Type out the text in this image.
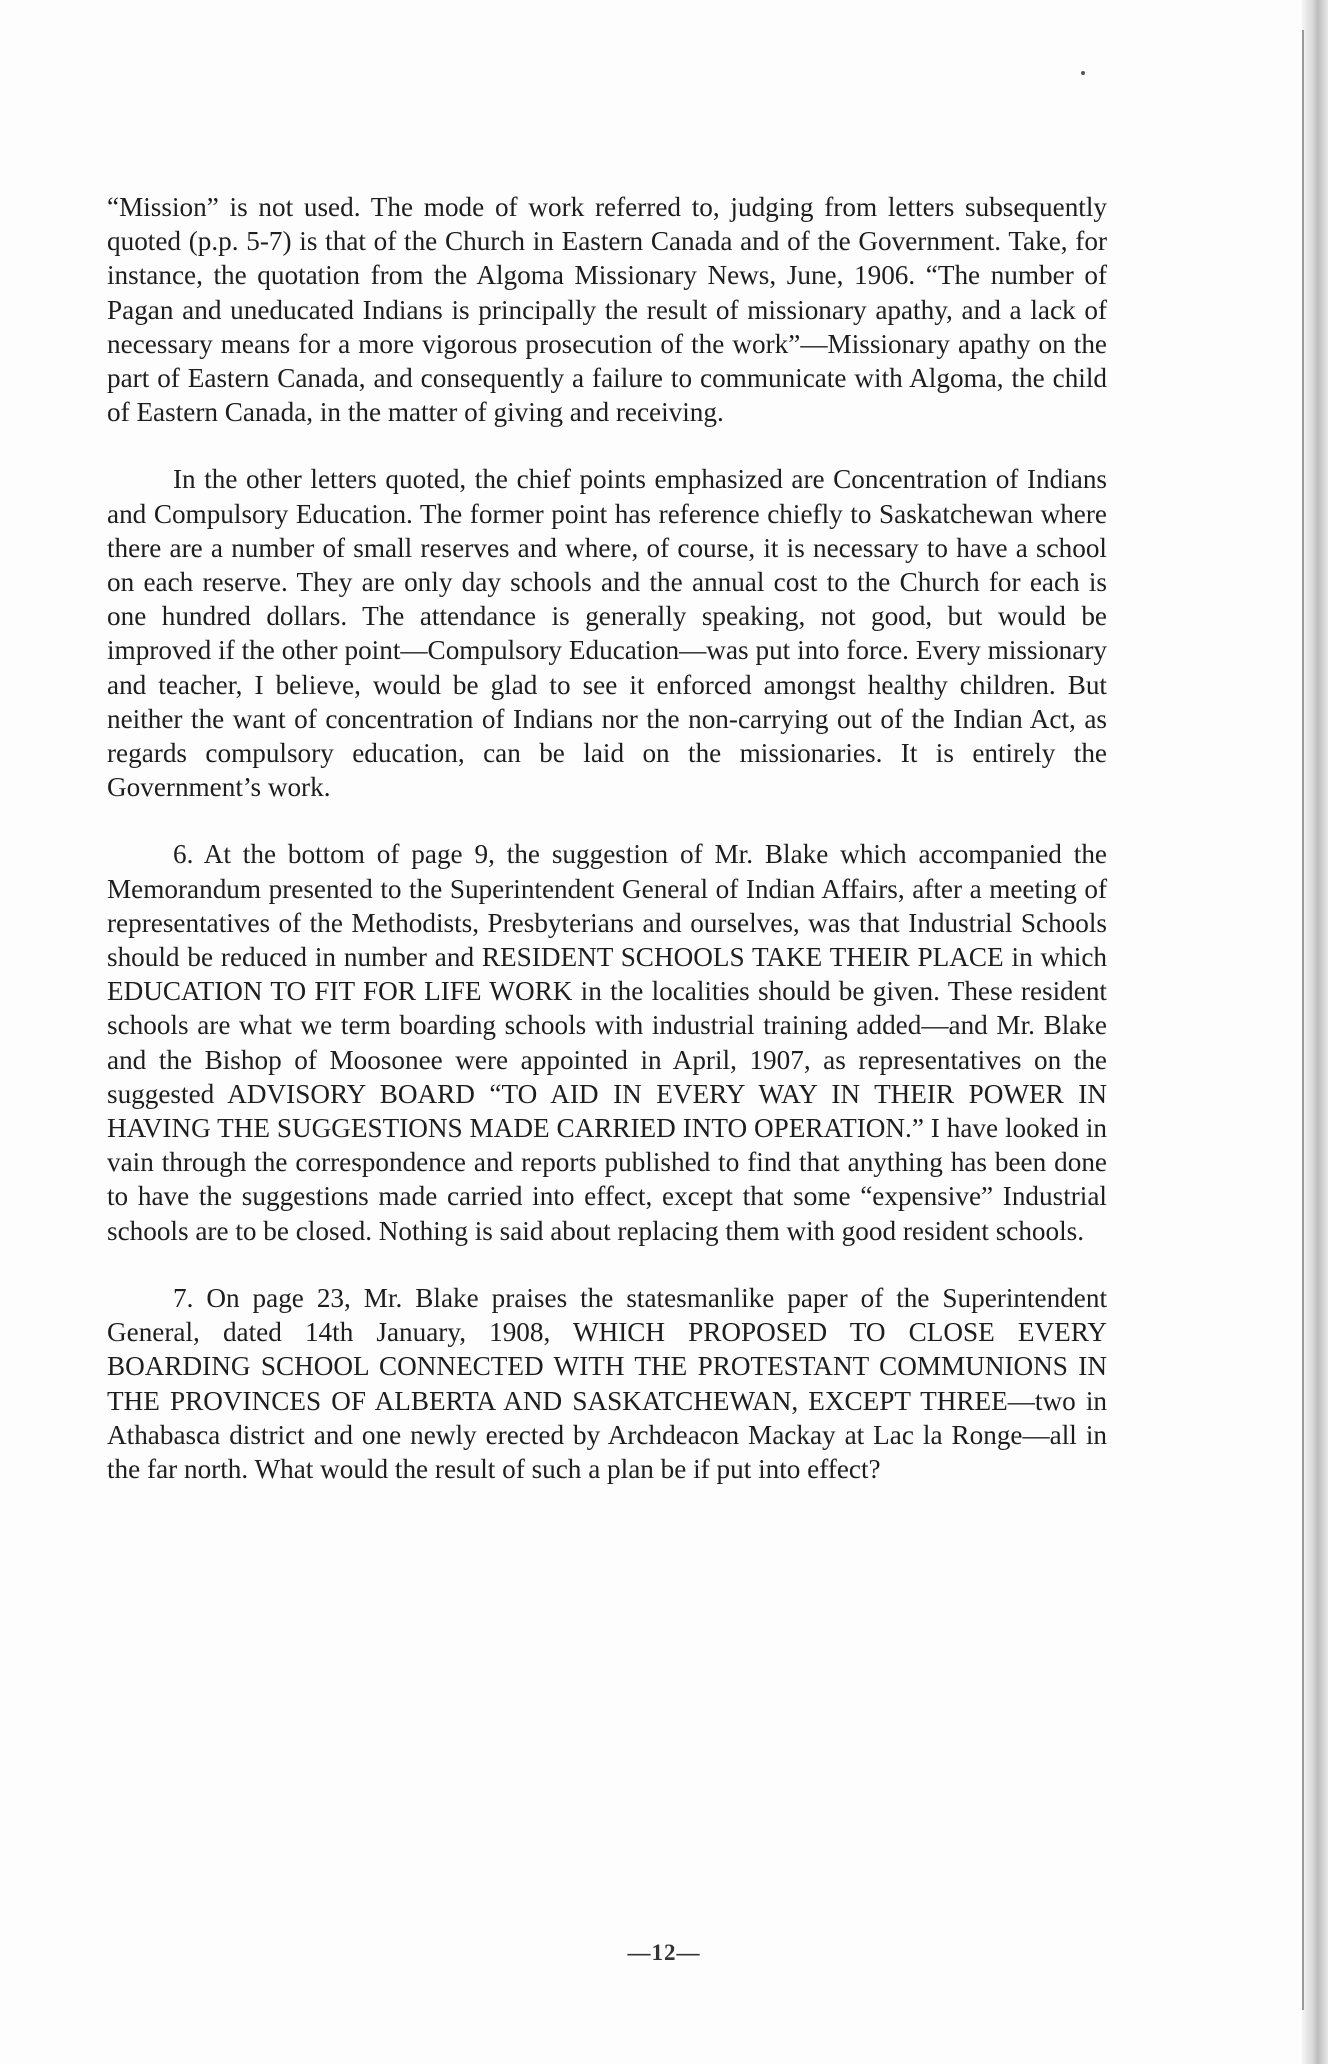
“Mission” is not used. The mode of work referred to, judging from letters subsequently quoted (p.p. 5-7) is that of the Church in Eastern Canada and of the Government. Take, for instance, the quotation from the Algoma Missionary News, June, 1906. “The number of Pagan and uneducated Indians is principally the result of missionary apathy, and a lack of necessary means for a more vigorous prosecution of the work”—Missionary apathy on the part of Eastern Canada, and consequently a failure to communicate with Algoma, the child of Eastern Canada, in the matter of giving and receiving.

In the other letters quoted, the chief points emphasized are Concentration of Indians and Compulsory Education. The former point has reference chiefly to Saskatchewan where there are a number of small reserves and where, of course, it is necessary to have a school on each reserve. They are only day schools and the annual cost to the Church for each is one hundred dollars. The attendance is generally speaking, not good, but would be improved if the other point—Compulsory Education—was put into force. Every missionary and teacher, I believe, would be glad to see it enforced amongst healthy children. But neither the want of concentration of Indians nor the non-carrying out of the Indian Act, as regards compulsory education, can be laid on the missionaries. It is entirely the Government’s work.

6. At the bottom of page 9, the suggestion of Mr. Blake which accompanied the Memorandum presented to the Superintendent General of Indian Affairs, after a meeting of representatives of the Methodists, Presbyterians and ourselves, was that Industrial Schools should be reduced in number and RESIDENT SCHOOLS TAKE THEIR PLACE in which EDUCATION TO FIT FOR LIFE WORK in the localities should be given. These resident schools are what we term boarding schools with industrial training added—and Mr. Blake and the Bishop of Moosonee were appointed in April, 1907, as representatives on the suggested ADVISORY BOARD “TO AID IN EVERY WAY IN THEIR POWER IN HAVING THE SUGGESTIONS MADE CARRIED INTO OPERATION.” I have looked in vain through the correspondence and reports published to find that anything has been done to have the suggestions made carried into effect, except that some “expensive” Industrial schools are to be closed. Nothing is said about replacing them with good resident schools.

7. On page 23, Mr. Blake praises the statesmanlike paper of the Superintendent General, dated 14th January, 1908, WHICH PROPOSED TO CLOSE EVERY BOARDING SCHOOL CONNECTED WITH THE PROTESTANT COMMUNIONS IN THE PROVINCES OF ALBERTA AND SASKATCHEWAN, EXCEPT THREE—two in Athabasca district and one newly erected by Archdeacon Mackay at Lac la Ronge—all in the far north. What would the result of such a plan be if put into effect?

—12—
